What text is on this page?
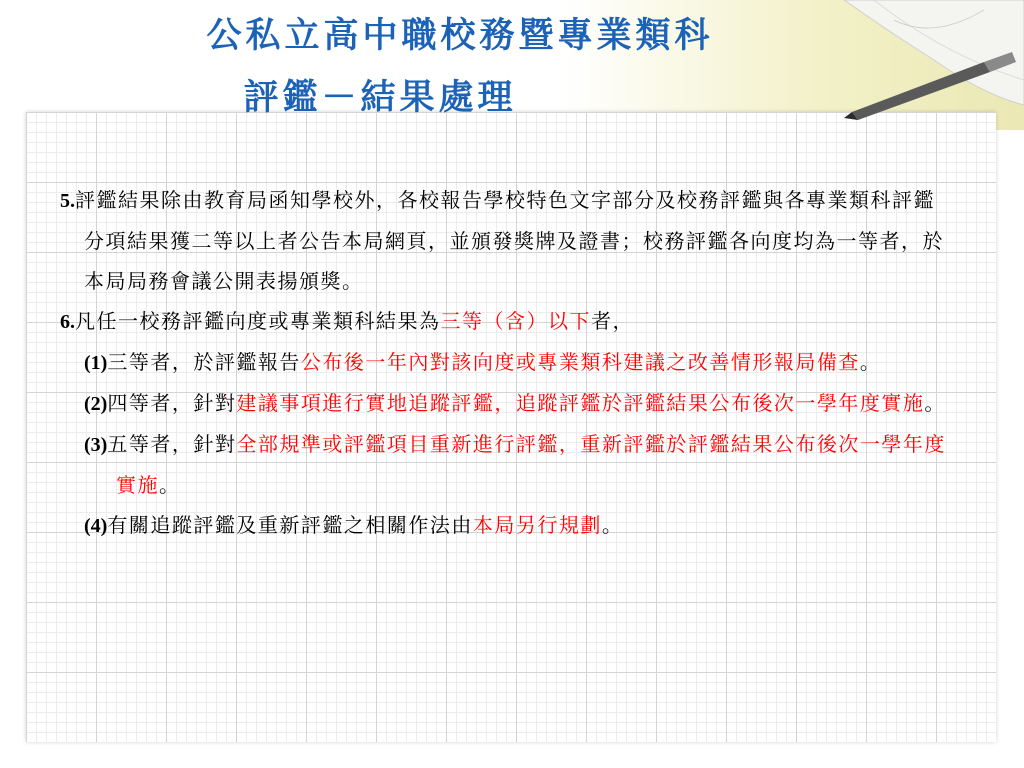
公私立高中職校務暨專業類科
評鑑－結果處理

5.評鑑結果除由教育局函知學校外，各校報告學校特色文字部分及校務評鑑與各專業類科評鑑分項結果獲二等以上者公告本局網頁，並頒發獎牌及證書；校務評鑑各向度均為一等者，於本局局務會議公開表揚頒獎。

6.凡任一校務評鑑向度或專業類科結果為三等（含）以下者，

(1)三等者，於評鑑報告公布後一年內對該向度或專業類科建議之改善情形報局備查。

(2)四等者，針對建議事項進行實地追蹤評鑑，追蹤評鑑於評鑑結果公布後次一學年度實施。

(3)五等者，針對全部規準或評鑑項目重新進行評鑑，重新評鑑於評鑑結果公布後次一學年度實施。

(4)有關追蹤評鑑及重新評鑑之相關作法由本局另行規劃。
